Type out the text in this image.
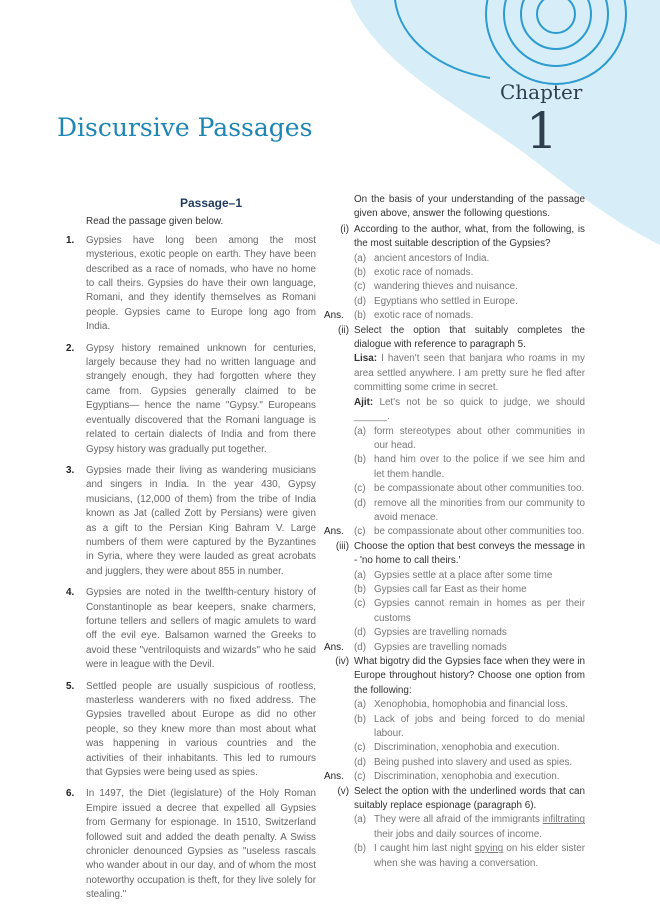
Chapter
1
Discursive Passages
Passage–1
Read the passage given below.
1.	Gypsies have long been among the most mysterious, exotic people on earth. They have been described as a race of nomads, who have no home to call theirs. Gypsies do have their own language, Romani, and they identify themselves as Romani people. Gypsies came to Europe long ago from India.
2.	Gypsy history remained unknown for centuries, largely because they had no written language and strangely enough, they had forgotten where they came from. Gypsies generally claimed to be Egyptians— hence the name "Gypsy." Europeans eventually discovered that the Romani language is related to certain dialects of India and from there Gypsy history was gradually put together.
3.	Gypsies made their living as wandering musicians and singers in India. In the year 430, Gypsy musicians, (12,000 of them) from the tribe of India known as Jat (called Zott by Persians) were given as a gift to the Persian King Bahram V. Large numbers of them were captured by the Byzantines in Syria, where they were lauded as great acrobats and jugglers, they were about 855 in number.
4.	Gypsies are noted in the twelfth-century history of Constantinople as bear keepers, snake charmers, fortune tellers and sellers of magic amulets to ward off the evil eye. Balsamon warned the Greeks to avoid these "ventriloquists and wizards" who he said were in league with the Devil.
5.	Settled people are usually suspicious of rootless, masterless wanderers with no fixed address. The Gypsies travelled about Europe as did no other people, so they knew more than most about what was happening in various countries and the activities of their inhabitants. This led to rumours that Gypsies were being used as spies.
6.	In 1497, the Diet (legislature) of the Holy Roman Empire issued a decree that expelled all Gypsies from Germany for espionage. In 1510, Switzerland followed suit and added the death penalty. A Swiss chronicler denounced Gypsies as "useless rascals who wander about in our day, and of whom the most noteworthy occupation is theft, for they live solely for stealing."
On the basis of your understanding of the passage given above, answer the following questions.
(i) According to the author, what, from the following, is the most suitable description of the Gypsies?
(a) ancient ancestors of India.
(b) exotic race of nomads.
(c) wandering thieves and nuisance.
(d) Egyptians who settled in Europe.
Ans.	(b) exotic race of nomads.
(ii) Select the option that suitably completes the dialogue with reference to paragraph 5.
Lisa: I haven't seen that banjara who roams in my area settled anywhere. I am pretty sure he fled after committing some crime in secret.
Ajit: Let's not be so quick to judge, we should ______.
(a) form stereotypes about other communities in our head.
(b) hand him over to the police if we see him and let them handle.
(c) be compassionate about other communities too.
(d) remove all the minorities from our community to avoid menace.
Ans.	(c) be compassionate about other communities too.
(iii) Choose the option that best conveys the message in - 'no home to call theirs.'
(a) Gypsies settle at a place after some time
(b) Gypsies call far East as their home
(c) Gypsies cannot remain in homes as per their customs
(d) Gypsies are travelling nomads
Ans.	(d) Gypsies are travelling nomads
(iv) What bigotry did the Gypsies face when they were in Europe throughout history? Choose one option from the following:
(a) Xenophobia, homophobia and financial loss.
(b) Lack of jobs and being forced to do menial labour.
(c) Discrimination, xenophobia and execution.
(d) Being pushed into slavery and used as spies.
Ans.	(c) Discrimination, xenophobia and execution.
(v) Select the option with the underlined words that can suitably replace espionage (paragraph 6).
(a) They were all afraid of the immigrants infiltrating their jobs and daily sources of income.
(b) I caught him last night spying on his elder sister when she was having a conversation.
